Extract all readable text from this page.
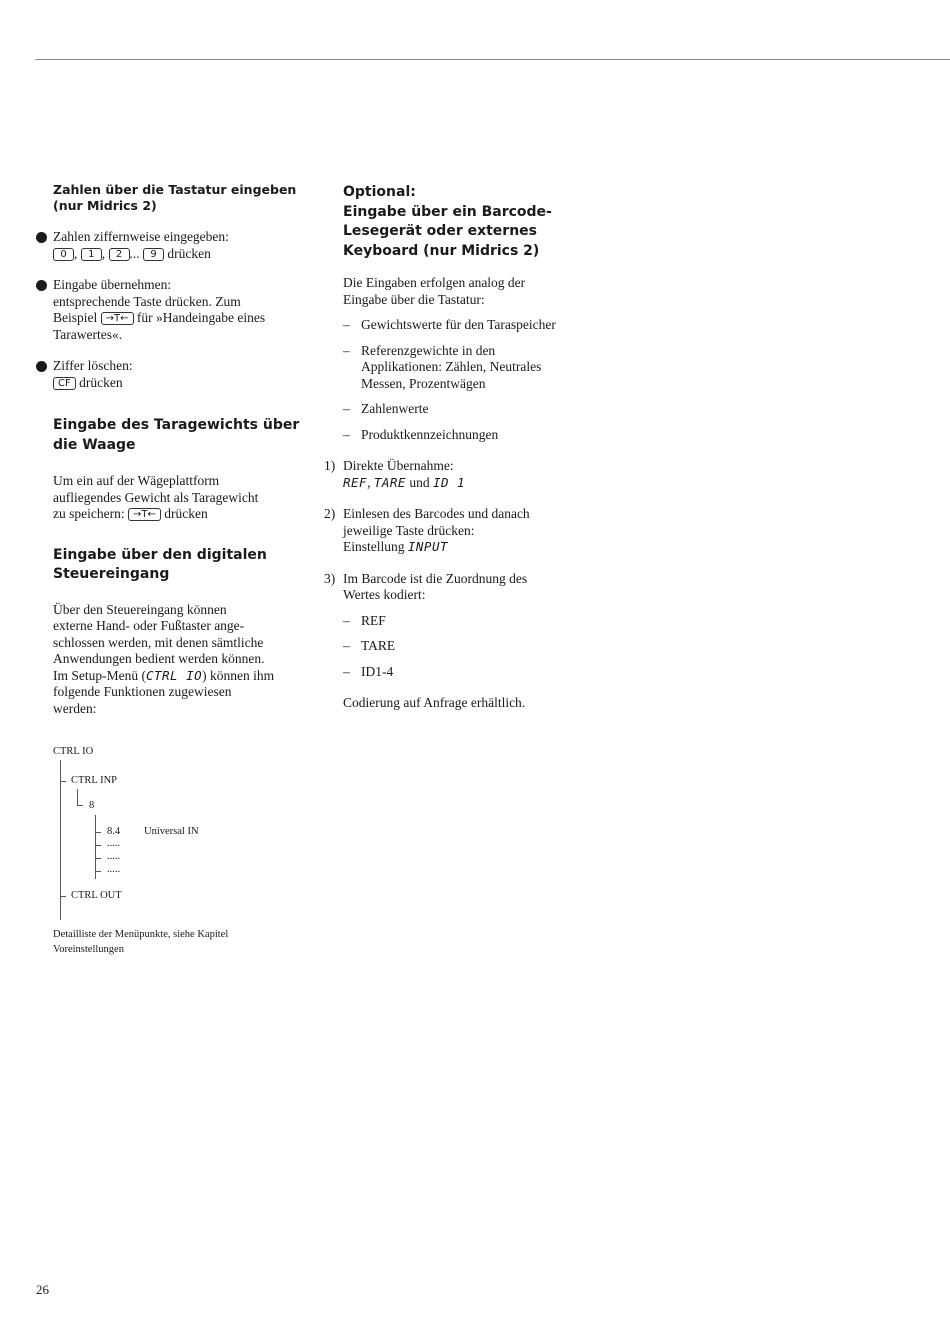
Zahlen über die Tastatur eingeben
(nur Midrics 2)
Zahlen ziffernweise eingegeben:
0 , 1 , 2 ... 9 drücken
Eingabe übernehmen:
entsprechende Taste drücken. Zum
Beispiel →T← für »Handeingabe eines
Tarawertes«.
Ziffer löschen:
CF drücken
Eingabe des Taragewichts über
die Waage
Um ein auf der Wägeplattform
aufliegendes Gewicht als Taragewicht
zu speichern: →T← drücken
Eingabe über den digitalen
Steuereingang
Über den Steuereingang können
externe Hand- oder Fußtaster ange-
schlossen werden, mit denen sämtliche
Anwendungen bedient werden können.
Im Setup-Menü (CTRL IO) können ihm
folgende Funktionen zugewiesen
werden:
CTRL IO
CTRL INP
8
8.4 Universal IN
.....
.....
.....
CTRL OUT
Detailliste der Menüpunkte, siehe Kapitel
Voreinstellungen
Optional:
Eingabe über ein Barcode-
Lesegerät oder externes
Keyboard (nur Midrics 2)
Die Eingaben erfolgen analog der
Eingabe über die Tastatur:
– Gewichtswerte für den Taraspeicher
– Referenzgewichte in den
Applikationen: Zählen, Neutrales
Messen, Prozentwägen
– Zahlenwerte
– Produktkennzeichnungen
1) Direkte Übernahme:
REF, TARE und ID 1
2) Einlesen des Barcodes und danach
jeweilige Taste drücken:
Einstellung INPUT
3) Im Barcode ist die Zuordnung des
Wertes kodiert:
– REF
– TARE
– ID1-4
Codierung auf Anfrage erhältlich.
26
